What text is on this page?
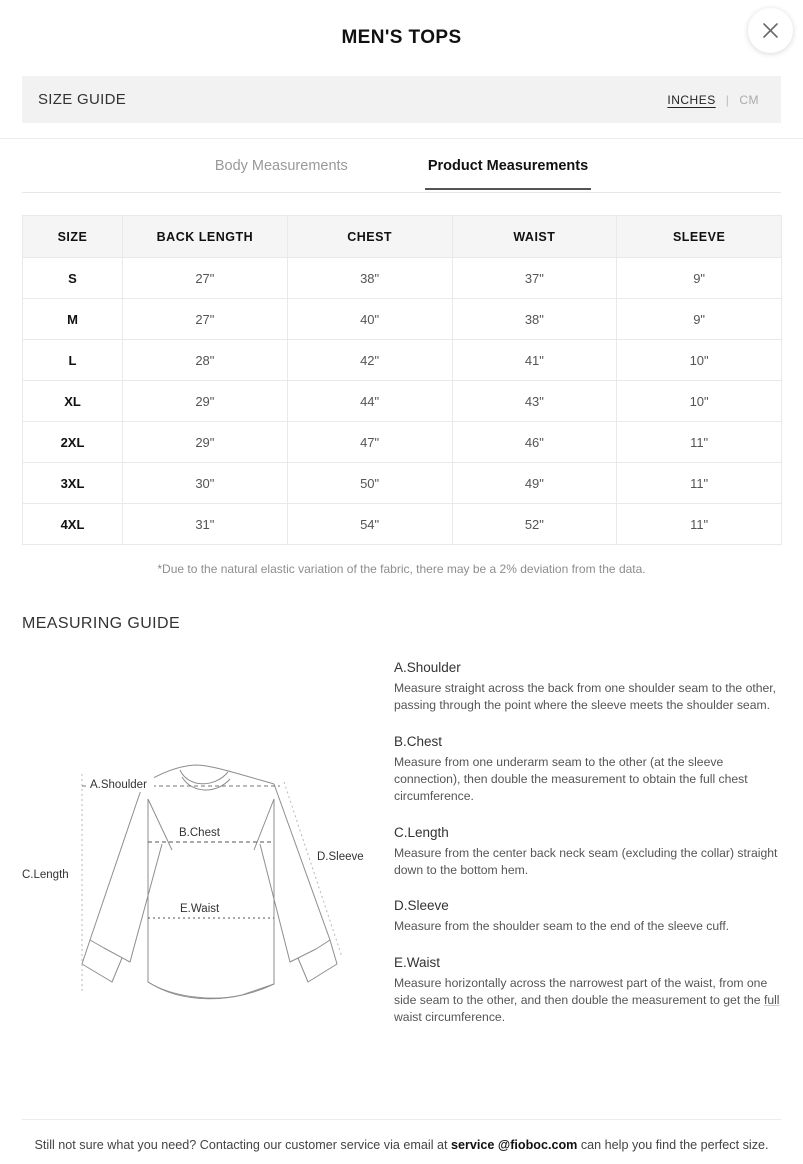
MEN'S TOPS
SIZE GUIDE	INCHES | CM
Body Measurements	Product Measurements
SIZE	BACK LENGTH	CHEST	WAIST	SLEEVE
S	27"	38"	37"	9"
M	27"	40"	38"	9"
L	28"	42"	41"	10"
XL	29"	44"	43"	10"
2XL	29"	47"	46"	11"
3XL	30"	50"	49"	11"
4XL	31"	54"	52"	11"
*Due to the natural elastic variation of the fabric, there may be a 2% deviation from the data.
MEASURING GUIDE
A.Shoulder
B.Chest
C.Length
D.Sleeve
E.Waist
A.Shoulder
Measure straight across the back from one shoulder seam to the other, passing through the point where the sleeve meets the shoulder seam.
B.Chest
Measure from one underarm seam to the other (at the sleeve connection), then double the measurement to obtain the full chest circumference.
C.Length
Measure from the center back neck seam (excluding the collar) straight down to the bottom hem.
D.Sleeve
Measure from the shoulder seam to the end of the sleeve cuff.
E.Waist
Measure horizontally across the narrowest part of the waist, from one side seam to the other, and then double the measurement to get the full waist circumference.
Still not sure what you need? Contacting our customer service via email at service @fioboc.com can help you find the perfect size.
